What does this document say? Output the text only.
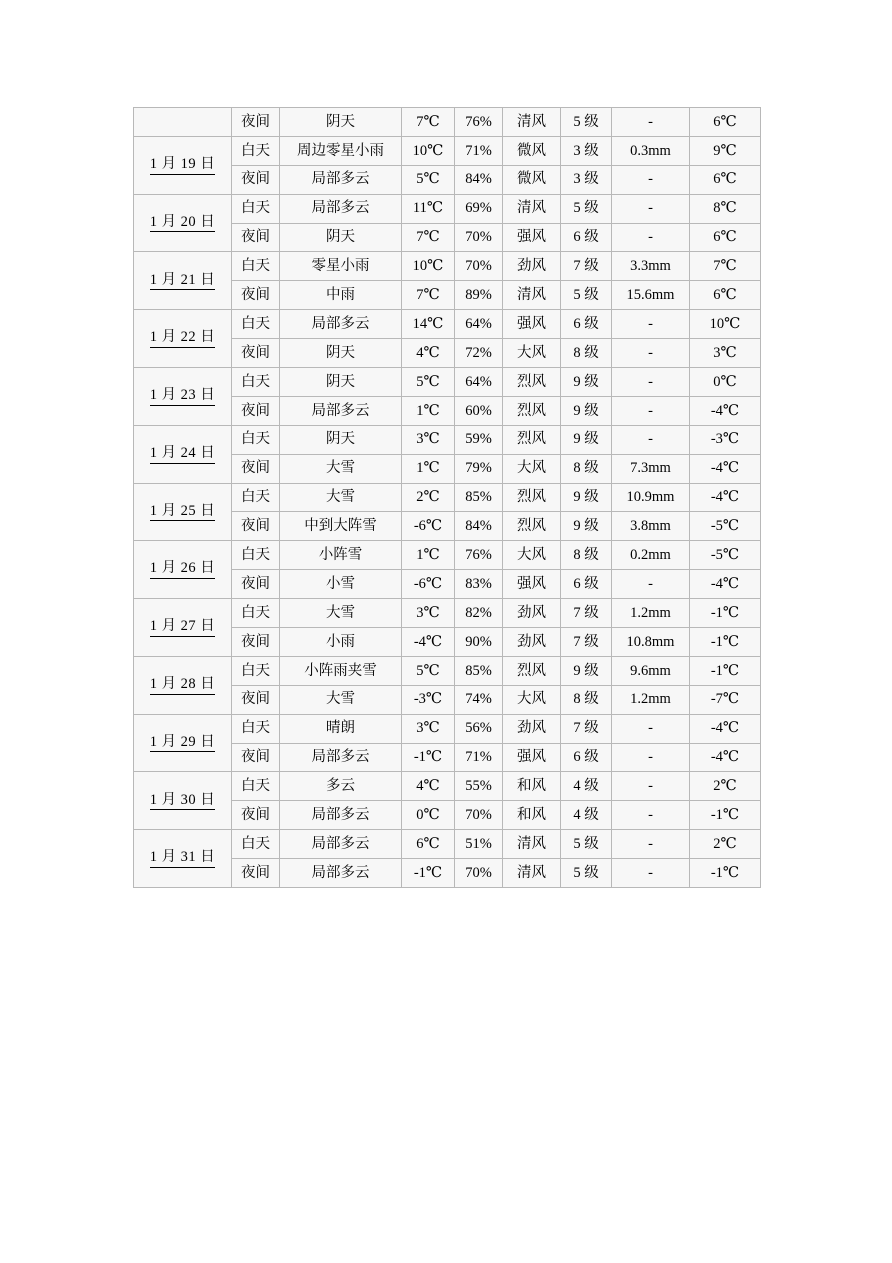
	夜间	阴天	7℃	76%	清风	5 级	-	6℃
1 月 19 日	白天	周边零星小雨	10℃	71%	微风	3 级	0.3mm	9℃
	夜间	局部多云	5℃	84%	微风	3 级	-	6℃
1 月 20 日	白天	局部多云	11℃	69%	清风	5 级	-	8℃
	夜间	阴天	7℃	70%	强风	6 级	-	6℃
1 月 21 日	白天	零星小雨	10℃	70%	劲风	7 级	3.3mm	7℃
	夜间	中雨	7℃	89%	清风	5 级	15.6mm	6℃
1 月 22 日	白天	局部多云	14℃	64%	强风	6 级	-	10℃
	夜间	阴天	4℃	72%	大风	8 级	-	3℃
1 月 23 日	白天	阴天	5℃	64%	烈风	9 级	-	0℃
	夜间	局部多云	1℃	60%	烈风	9 级	-	-4℃
1 月 24 日	白天	阴天	3℃	59%	烈风	9 级	-	-3℃
	夜间	大雪	1℃	79%	大风	8 级	7.3mm	-4℃
1 月 25 日	白天	大雪	2℃	85%	烈风	9 级	10.9mm	-4℃
	夜间	中到大阵雪	-6℃	84%	烈风	9 级	3.8mm	-5℃
1 月 26 日	白天	小阵雪	1℃	76%	大风	8 级	0.2mm	-5℃
	夜间	小雪	-6℃	83%	强风	6 级	-	-4℃
1 月 27 日	白天	大雪	3℃	82%	劲风	7 级	1.2mm	-1℃
	夜间	小雨	-4℃	90%	劲风	7 级	10.8mm	-1℃
1 月 28 日	白天	小阵雨夹雪	5℃	85%	烈风	9 级	9.6mm	-1℃
	夜间	大雪	-3℃	74%	大风	8 级	1.2mm	-7℃
1 月 29 日	白天	晴朗	3℃	56%	劲风	7 级	-	-4℃
	夜间	局部多云	-1℃	71%	强风	6 级	-	-4℃
1 月 30 日	白天	多云	4℃	55%	和风	4 级	-	2℃
	夜间	局部多云	0℃	70%	和风	4 级	-	-1℃
1 月 31 日	白天	局部多云	6℃	51%	清风	5 级	-	2℃
	夜间	局部多云	-1℃	70%	清风	5 级	-	-1℃
